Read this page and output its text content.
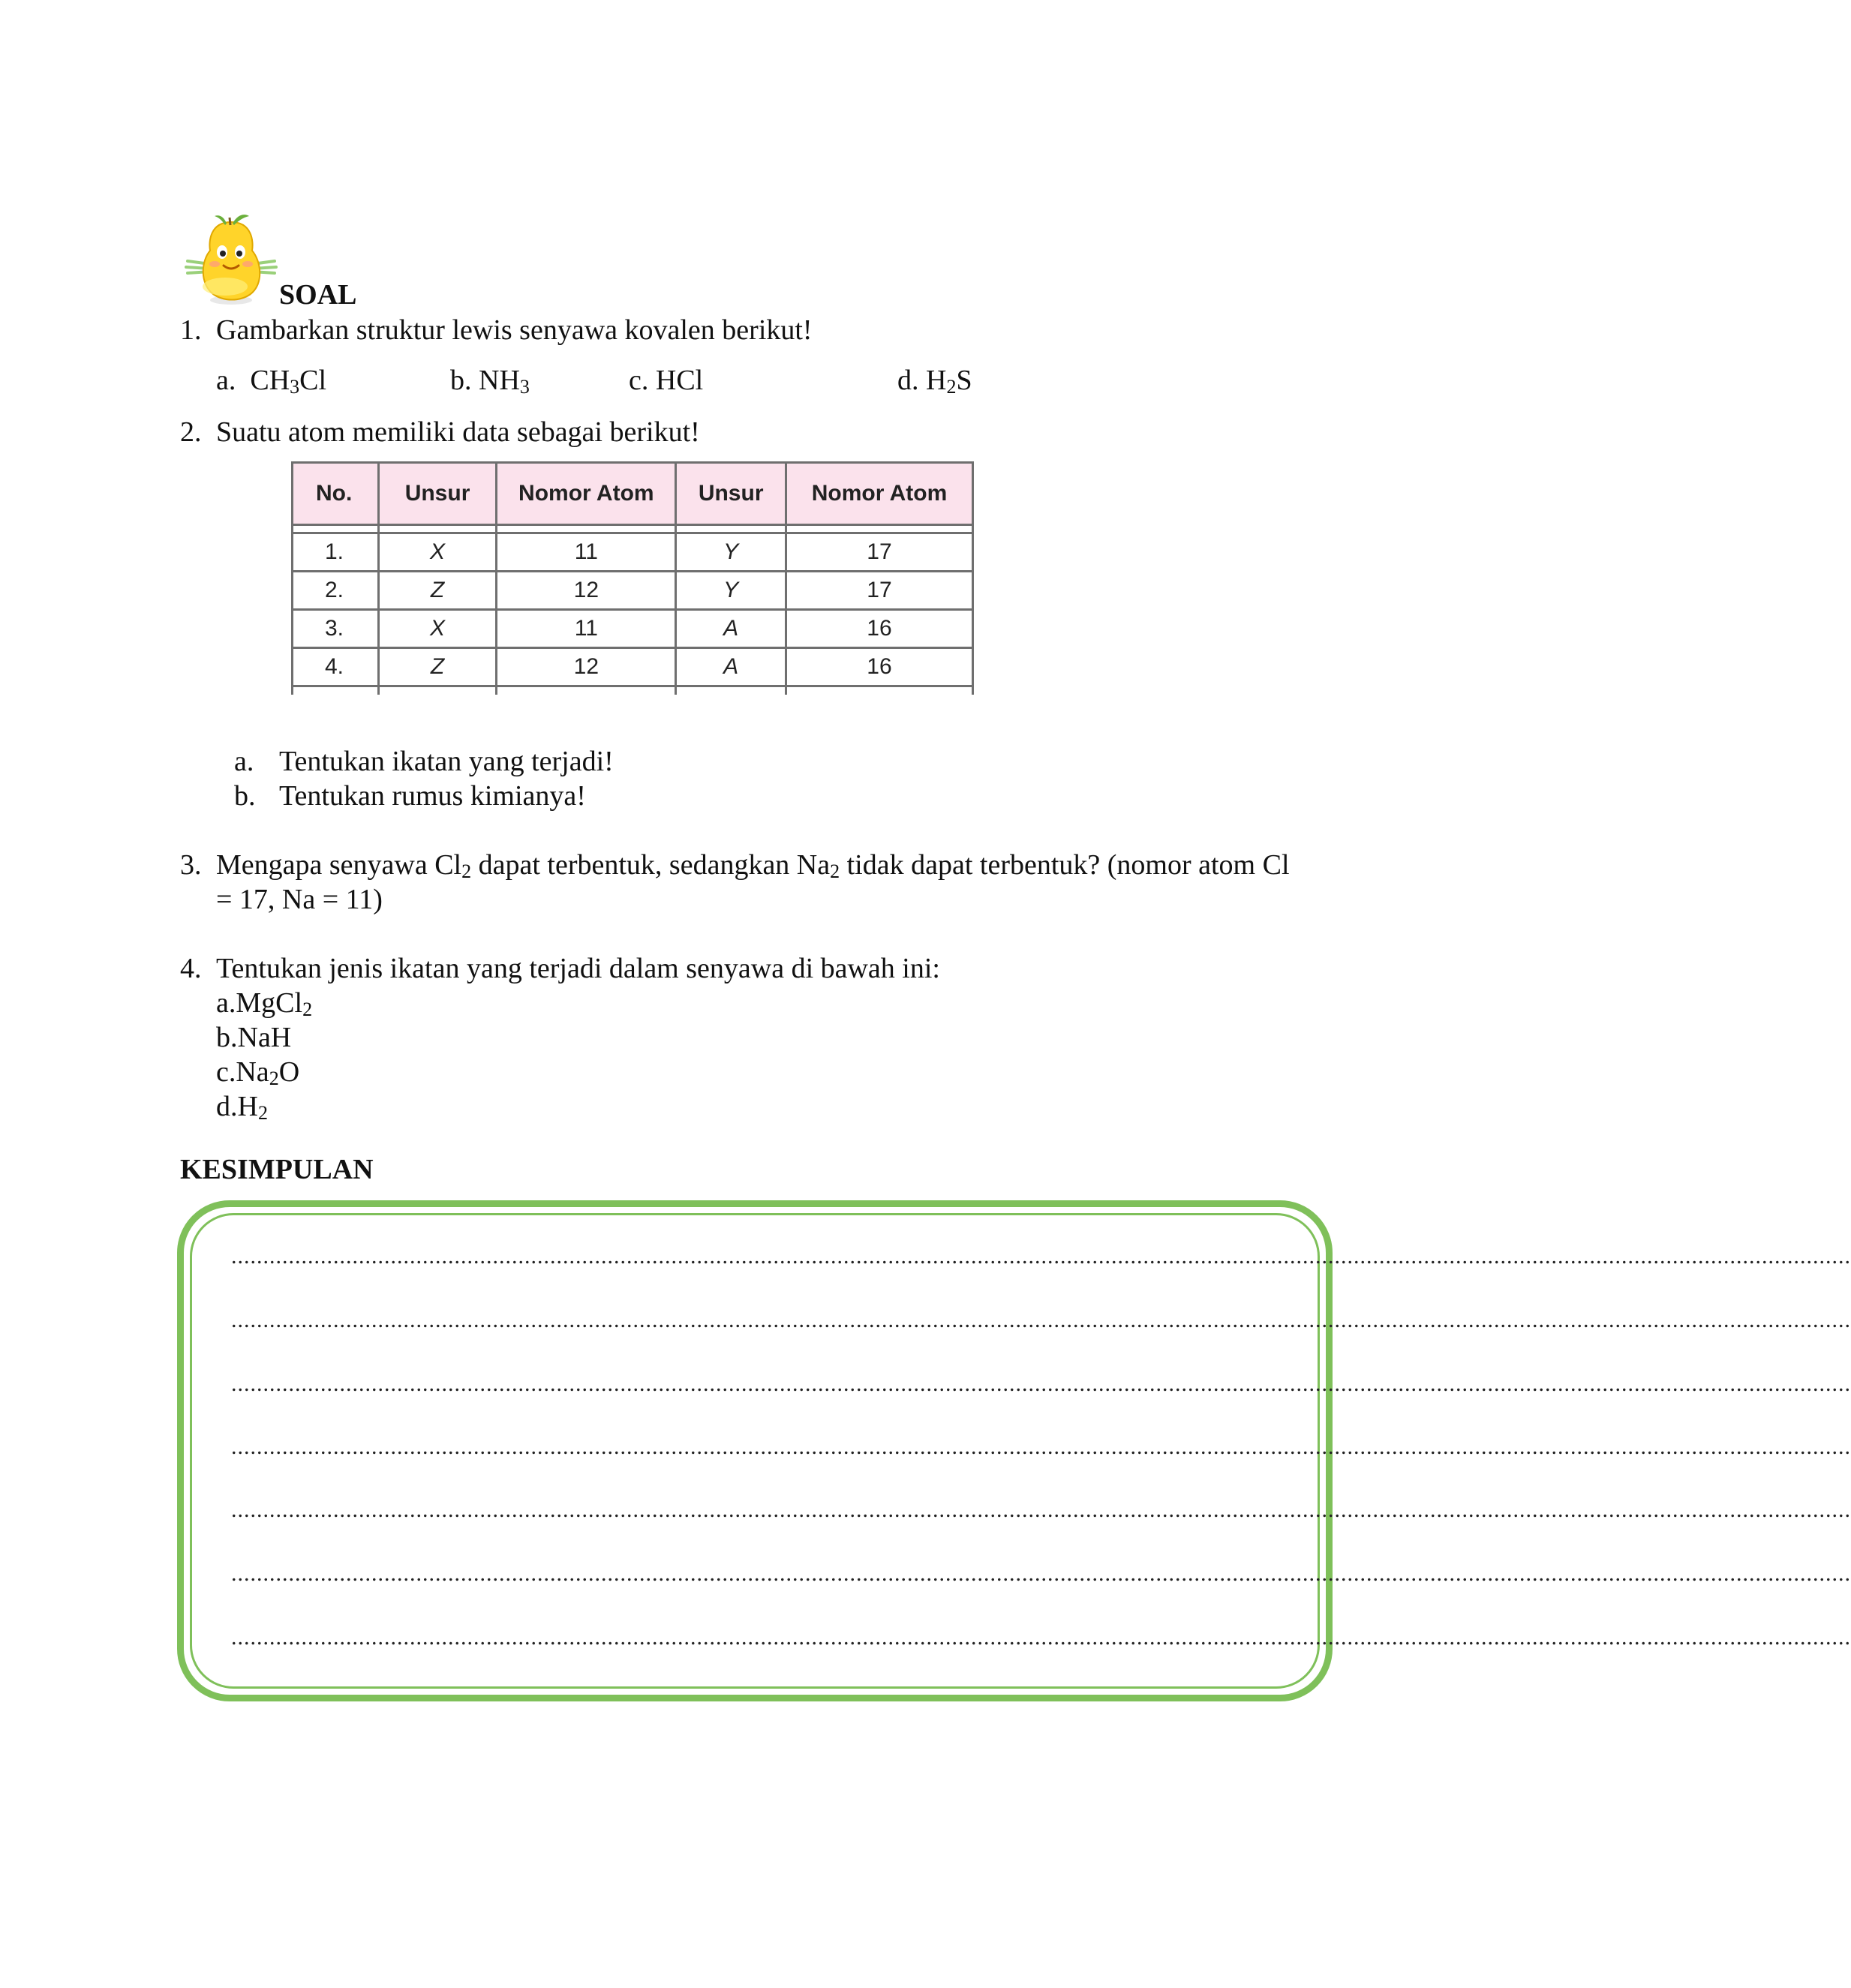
SOAL
1. Gambarkan struktur lewis senyawa kovalen berikut!
a. $CH_3Cl$	b. $NH_3$	c. HCl	d. $H_2S$
2. Suatu atom memiliki data sebagai berikut!
No.	Unsur	Nomor Atom	Unsur	Nomor Atom

1.	X	11	Y	17
2.	Z	12	Y	17
3.	X	11	A	16
4.	Z	12	A	16

a. Tentukan ikatan yang terjadi!
b. Tentukan rumus kimianya!
3. Mengapa senyawa $Cl_2$ dapat terbentuk, sedangkan $Na_2$ tidak dapat terbentuk? (nomor atom Cl
= 17, Na = 11)
4. Tentukan jenis ikatan yang terjadi dalam senyawa di bawah ini:
a.MgCl$_2$
b.NaH
$c.Na_2O$
$d.H_2$
KESIMPULAN
..............................................................................................................................................................................................................................................................
..............................................................................................................................................................................................................................................................
..............................................................................................................................................................................................................................................................
..............................................................................................................................................................................................................................................................
..............................................................................................................................................................................................................................................................
..............................................................................................................................................................................................................................................................
..............................................................................................................................................................................................................................................................
